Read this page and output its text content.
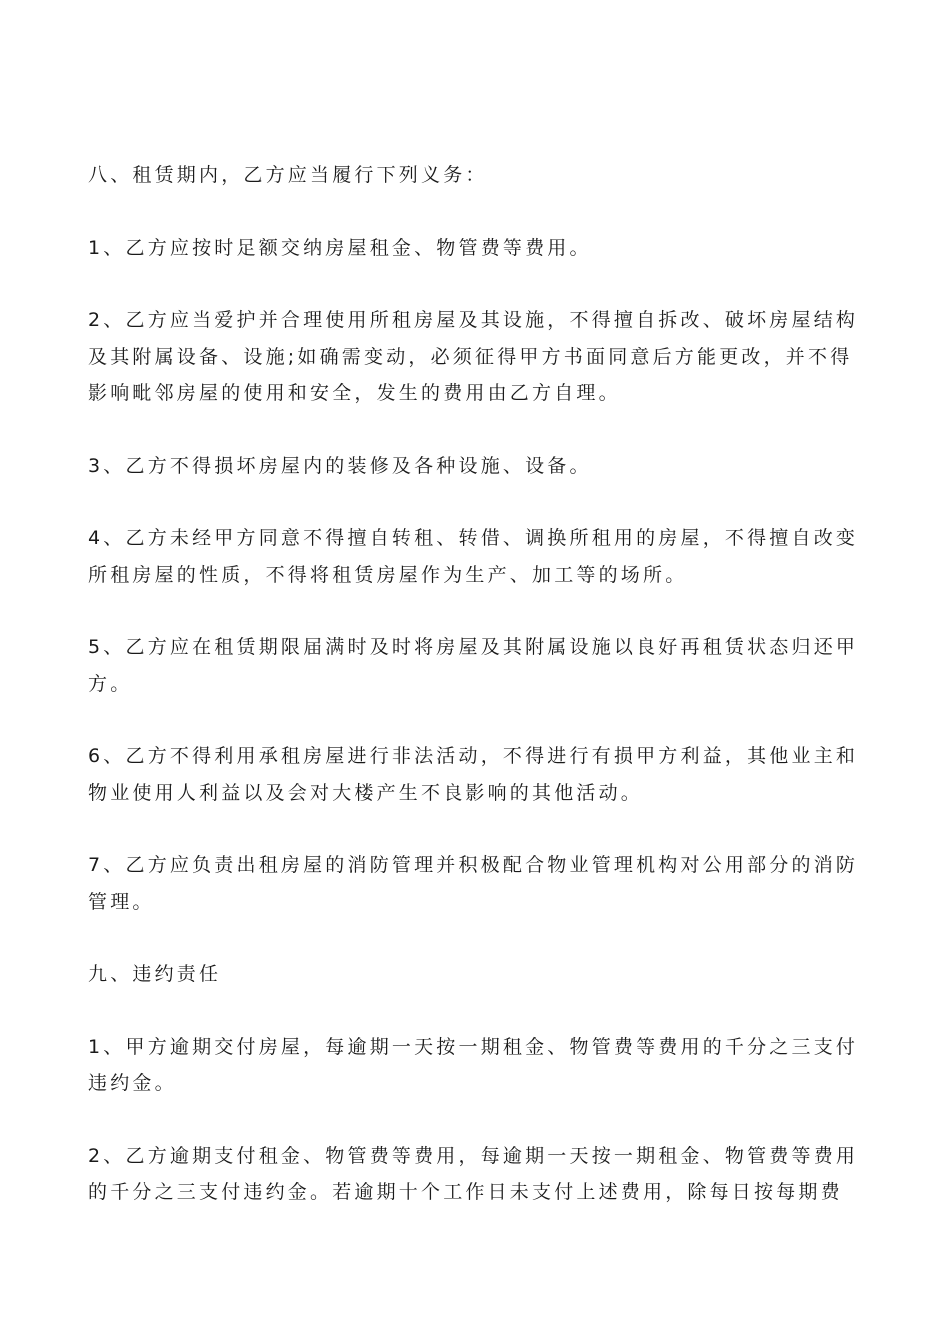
八、租赁期内，乙方应当履行下列义务：

1、乙方应按时足额交纳房屋租金、物管费等费用。

2、乙方应当爱护并合理使用所租房屋及其设施，不得擅自拆改、破坏房屋结构
及其附属设备、设施;如确需变动，必须征得甲方书面同意后方能更改，并不得
影响毗邻房屋的使用和安全，发生的费用由乙方自理。

3、乙方不得损坏房屋内的装修及各种设施、设备。

4、乙方未经甲方同意不得擅自转租、转借、调换所租用的房屋，不得擅自改变
所租房屋的性质，不得将租赁房屋作为生产、加工等的场所。

5、乙方应在租赁期限届满时及时将房屋及其附属设施以良好再租赁状态归还甲
方。

6、乙方不得利用承租房屋进行非法活动，不得进行有损甲方利益，其他业主和
物业使用人利益以及会对大楼产生不良影响的其他活动。

7、乙方应负责出租房屋的消防管理并积极配合物业管理机构对公用部分的消防
管理。

九、违约责任

1、甲方逾期交付房屋，每逾期一天按一期租金、物管费等费用的千分之三支付
违约金。

2、乙方逾期支付租金、物管费等费用，每逾期一天按一期租金、物管费等费用
的千分之三支付违约金。若逾期十个工作日未支付上述费用，除每日按每期费
